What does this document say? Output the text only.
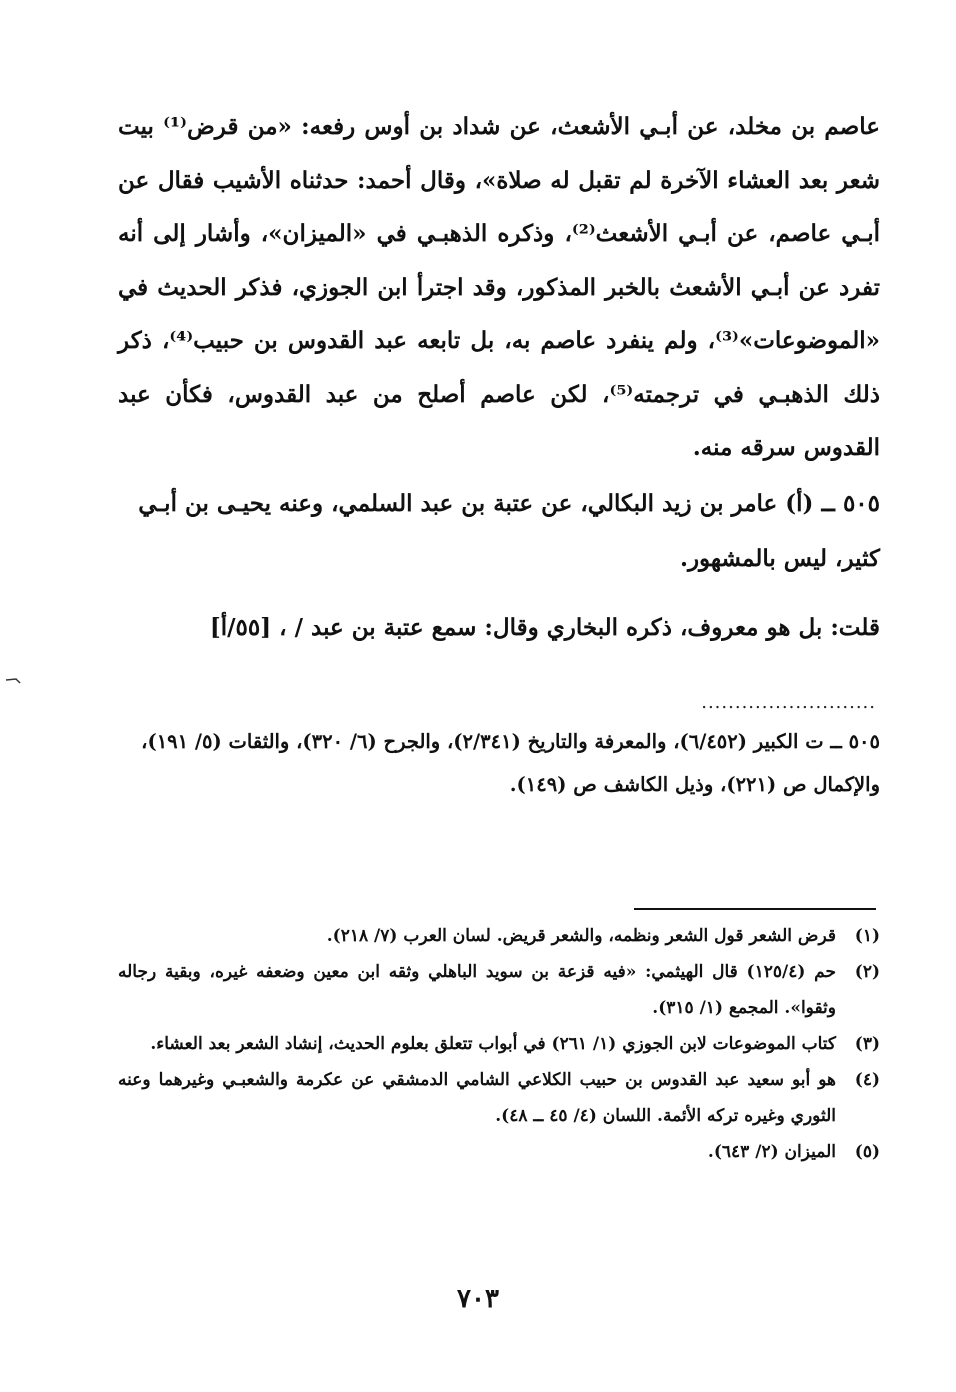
عاصم بن مخلد، عن أبـي الأشعث، عن شداد بن أوس رفعه: «من قرض⁽¹⁾ بيت شعر بعد العشاء الآخرة لم تقبل له صلاة»، وقال أحمد: حدثناه الأشيب فقال عن أبـي عاصم، عن أبـي الأشعث⁽²⁾، وذكره الذهبـي في «الميزان»، وأشار إلى أنه تفرد عن أبـي الأشعث بالخبر المذكور، وقد اجترأ ابن الجوزي، فذكر الحديث في «الموضوعات»⁽³⁾، ولم ينفرد عاصم به، بل تابعه عبد القدوس بن حبيب⁽⁴⁾، ذكر ذلك الذهبـي في ترجمته⁽⁵⁾، لكن عاصم أصلح من عبد القدوس، فكأن عبد القدوس سرقه منه.

٥٠٥ ــ (أ) عامر بن زيد البكالي، عن عتبة بن عبد السلمي، وعنه يحيـى بن أبـي كثير، ليس بالمشهور.
قلت: بل هو معروف، ذكره البخاري وقال: سمع عتبة بن عبد / ، [٥٥/أ]
..........................
٥٠٥ ــ ت الكبير (٦/٤٥٢)، والمعرفة والتاريخ (٢/٣٤١)، والجرح (٦/ ٣٢٠)، والثقات (٥/ ١٩١)، والإكمال ص (٢٢١)، وذيل الكاشف ص (١٤٩).
(١)
قرض الشعر قول الشعر ونظمه، والشعر قريض. لسان العرب (٧/ ٢١٨).
(٢)
حم (١٢٥/٤) قال الهيثمي: «فيه قزعة بن سويد الباهلي وثقه ابن معين وضعفه غيره، وبقية رجاله وثقوا». المجمع (١/ ٣١٥).
(٣)
كتاب الموضوعات لابن الجوزي (١/ ٢٦١) في أبواب تتعلق بعلوم الحديث، إنشاد الشعر بعد العشاء.
(٤)
هو أبو سعيد عبد القدوس بن حبيب الكلاعي الشامي الدمشقي عن عكرمة والشعبـي وغيرهما وعنه الثوري وغيره تركه الأئمة. اللسان (٤/ ٤٥ ــ ٤٨).
(٥)
الميزان (٢/ ٦٤٣).
٧٠٣
